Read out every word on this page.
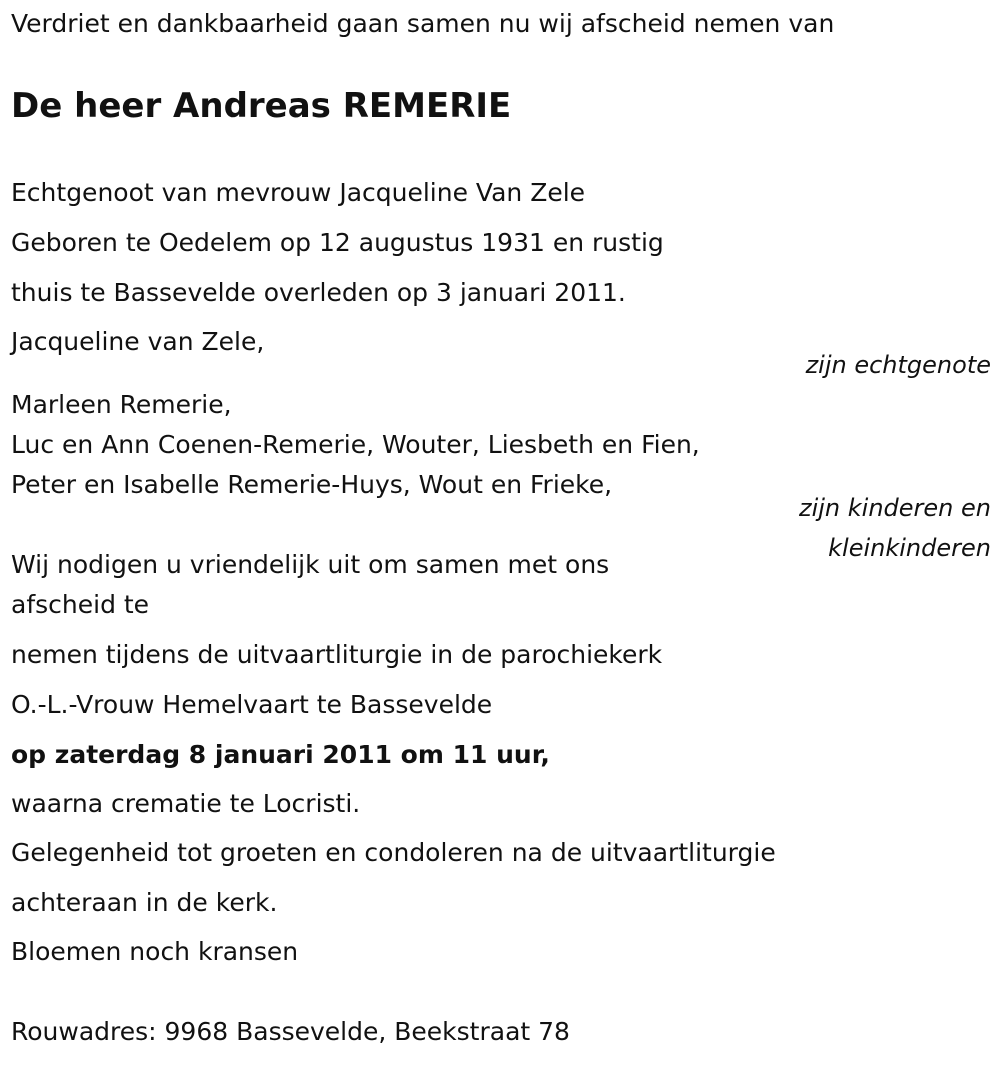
Verdriet en dankbaarheid gaan samen nu wij afscheid nemen van
De heer Andreas REMERIE
Echtgenoot van mevrouw Jacqueline Van Zele
Geboren te Oedelem op 12 augustus 1931 en rustig
thuis te Bassevelde overleden op 3 januari 2011.
Jacqueline van Zele,
zijn echtgenote
Marleen Remerie,
Luc en Ann Coenen-Remerie, Wouter, Liesbeth en Fien,
Peter en Isabelle Remerie-Huys, Wout en Frieke,
zijn kinderen en
kleinkinderen
Wij nodigen u vriendelijk uit om samen met ons
afscheid te
nemen tijdens de uitvaartliturgie in de parochiekerk
O.-L.-Vrouw Hemelvaart te Bassevelde
op zaterdag 8 januari 2011 om 11 uur,
waarna crematie te Locristi.
Gelegenheid tot groeten en condoleren na de uitvaartliturgie
achteraan in de kerk.
Bloemen noch kransen
Rouwadres: 9968 Bassevelde, Beekstraat 78
